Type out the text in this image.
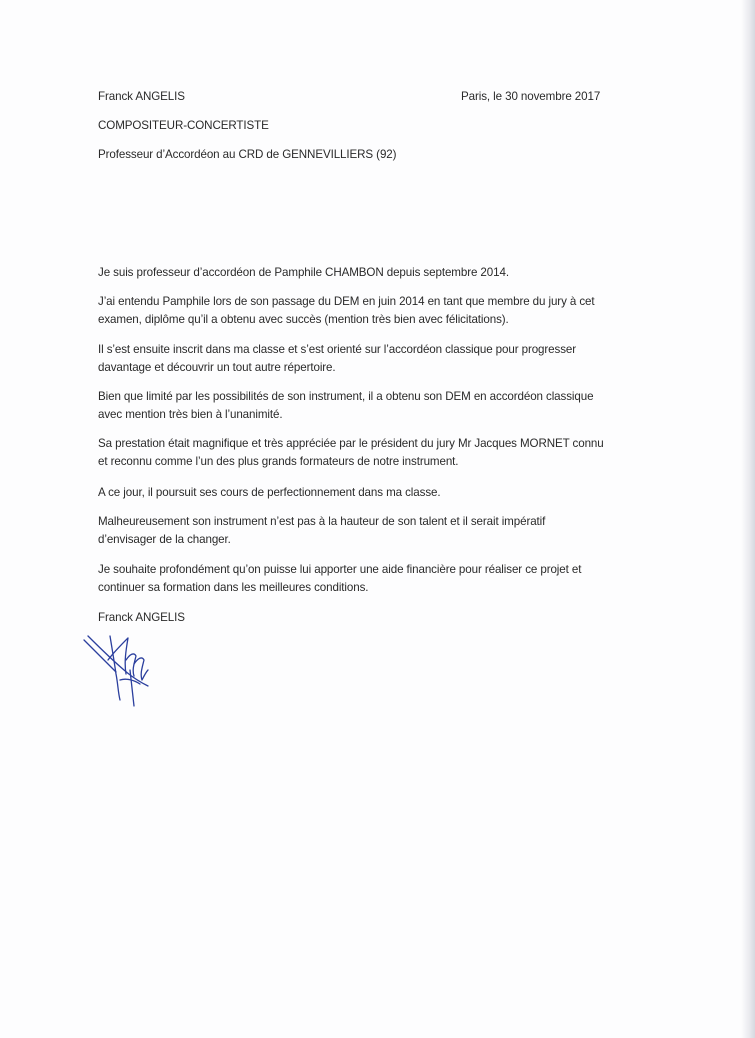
Franck ANGELIS	Paris, le 30 novembre 2017
COMPOSITEUR-CONCERTISTE
Professeur d’Accordéon au CRD de GENNEVILLIERS (92)
Je suis professeur d’accordéon de Pamphile CHAMBON depuis septembre 2014.
J’ai entendu Pamphile lors de son passage du DEM en juin 2014 en tant que membre du jury à cet
examen, diplôme qu’il a obtenu avec succès (mention très bien avec félicitations).
Il s’est ensuite inscrit dans ma classe et s’est orienté sur l’accordéon classique pour progresser
davantage et découvrir un tout autre répertoire.
Bien que limité par les possibilités de son instrument, il a obtenu son DEM en accordéon classique
avec mention très bien à l’unanimité.
Sa prestation était magnifique et très appréciée par le président du jury Mr Jacques MORNET connu
et reconnu comme l’un des plus grands formateurs de notre instrument.
A ce jour, il poursuit ses cours de perfectionnement dans ma classe.
Malheureusement son instrument n’est pas à la hauteur de son talent et il serait impératif
d’envisager de la changer.
Je souhaite profondément qu’on puisse lui apporter une aide financière pour réaliser ce projet et
continuer sa formation dans les meilleures conditions.
Franck ANGELIS
